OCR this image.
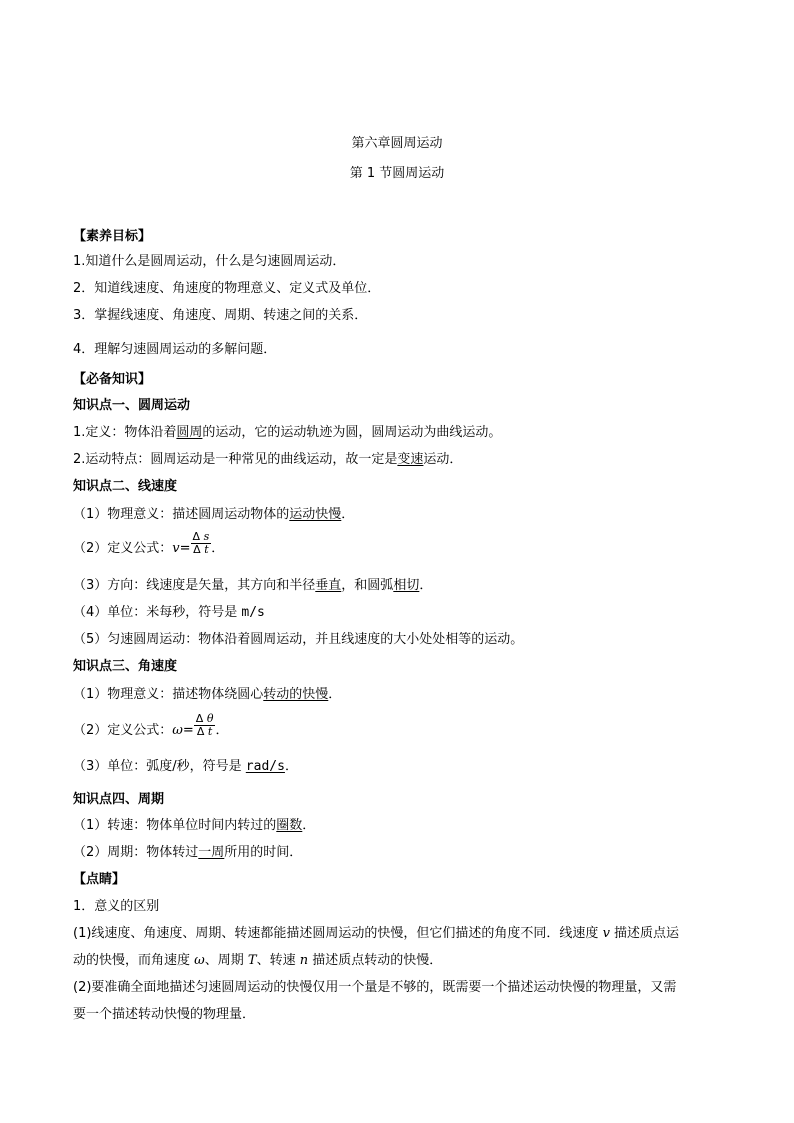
第六章圆周运动
第 1 节圆周运动
【素养目标】
1.知道什么是圆周运动，什么是匀速圆周运动．
2．知道线速度、角速度的物理意义、定义式及单位．
3．掌握线速度、角速度、周期、转速之间的关系．
4．理解匀速圆周运动的多解问题．
【必备知识】
知识点一、圆周运动
1.定义：物体沿着圆周的运动，它的运动轨迹为圆，圆周运动为曲线运动。
2.运动特点：圆周运动是一种常见的曲线运动，故一定是变速运动．
知识点二、线速度
（1）物理意义：描述圆周运动物体的运动快慢．
（2）定义公式：$v= \frac{\text{Δ s}}{\text{Δ t}}$ ．
（3）方向：线速度是矢量，其方向和半径垂直，和圆弧相切．
（4）单位：米每秒，符号是 m/s
（5）匀速圆周运动：物体沿着圆周运动，并且线速度的大小处处相等的运动。
知识点三、角速度
（1）物理意义：描述物体绕圆心转动的快慢．
（2）定义公式：$\omega= \frac{\text{Δ θ}}{\text{Δ t}}$ ．
（3）单位：弧度/秒，符号是 rad/s．
知识点四、周期
（1）转速：物体单位时间内转过的圈数．
（2）周期：物体转过一周所用的时间．
【点睛】
1．意义的区别
(1)线速度、角速度、周期、转速都能描述圆周运动的快慢，但它们描述的角度不同．线速度 v 描述质点运
动的快慢，而角速度 ω、周期 T、转速 n 描述质点转动的快慢．
(2)要准确全面地描述匀速圆周运动的快慢仅用一个量是不够的，既需要一个描述运动快慢的物理量，又需
要一个描述转动快慢的物理量．
